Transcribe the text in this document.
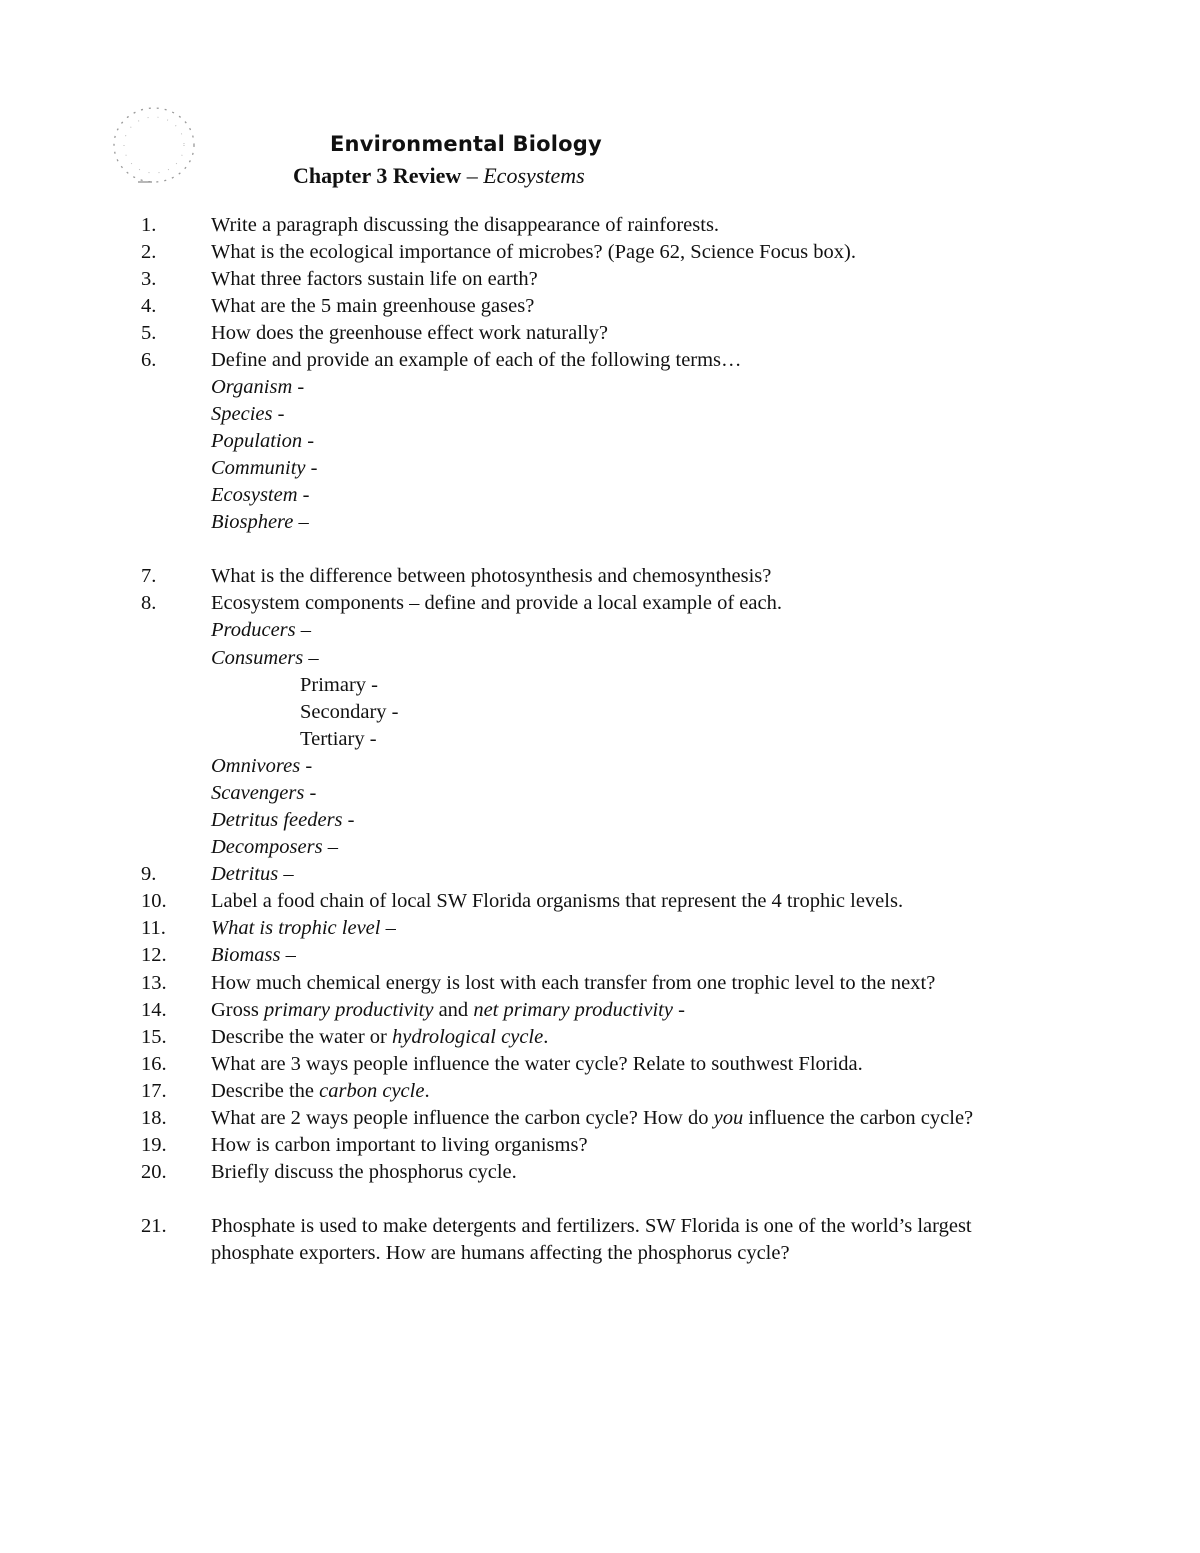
Environmental Biology
Chapter 3 Review – Ecosystems
1.	Write a paragraph discussing the disappearance of rainforests.
2.	What is the ecological importance of microbes? (Page 62, Science Focus box).
3.	What three factors sustain life on earth?
4.	What are the 5 main greenhouse gases?
5.	How does the greenhouse effect work naturally?
6.	Define and provide an example of each of the following terms…
Organism -
Species -
Population -
Community -
Ecosystem -
Biosphere –
7.	What is the difference between photosynthesis and chemosynthesis?
8.	Ecosystem components – define and provide a local example of each.
Producers –
Consumers –
Primary -
Secondary -
Tertiary -
Omnivores -
Scavengers -
Detritus feeders -
Decomposers –
9.	Detritus –
10. Label a food chain of local SW Florida organisms that represent the 4 trophic levels.
11. What is trophic level –
12. Biomass –
13. How much chemical energy is lost with each transfer from one trophic level to the next?
14. Gross primary productivity and net primary productivity -
15. Describe the water or hydrological cycle.
16. What are 3 ways people influence the water cycle? Relate to southwest Florida.
17. Describe the carbon cycle.
18. What are 2 ways people influence the carbon cycle? How do you influence the carbon cycle?
19. How is carbon important to living organisms?
20. Briefly discuss the phosphorus cycle.
21. Phosphate is used to make detergents and fertilizers. SW Florida is one of the world’s largest
phosphate exporters. How are humans affecting the phosphorus cycle?
